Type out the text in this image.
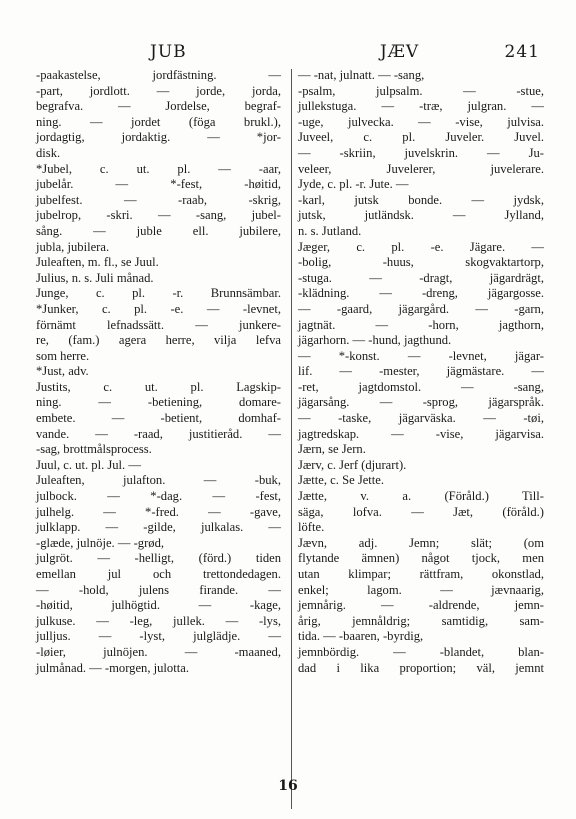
JUB	JÆV	241
-paakastelse, jordfästning. —
-part, jordlott. — jorde, jorda,
begrafva. — Jordelse, begraf-
ning. — jordet (föga brukl.),
jordagtig, jordaktig. — *jor-
disk.
*Jubel, c. ut. pl. — -aar,
jubelår. — *-fest, -høitid,
jubelfest. — -raab, -skrig,
jubelrop, -skri. — -sang, jubel-
sång. — juble ell. jubilere,
jubla, jubilera.
Juleaften, m. fl., se Juul.
Julius, n. s. Juli månad.
Junge, c. pl. -r. Brunnsämbar.
*Junker, c. pl. -e. — -levnet,
förnämt lefnadssätt. — junkere-
re, (fam.) agera herre, vilja lefva
som herre.
*Just, adv.
Justits, c. ut. pl. Lagskip-
ning. — -betiening, domare-
embete. — -betient, domhaf-
vande. — -raad, justitieråd. —
-sag, brottmålsprocess.
Juul, c. ut. pl. Jul. —
Juleaften, julafton. — -buk,
julbock. — *-dag. — -fest,
julhelg. — *-fred. — -gave,
julklapp. — -gilde, julkalas. —
-glæde, julnöje. — -grød,
julgröt. — -helligt, (förd.) tiden
emellan jul och trettondedagen.
— -hold, julens firande. —
-høitid, julhögtid. — -kage,
julkuse. — -leg, jullek. — -lys,
julljus. — -lyst, julglädje. —
-løier, julnöjen. — -maaned,
julmånad. — -morgen, julotta.
— -nat, julnatt. — -sang,
-psalm, julpsalm. — -stue,
jullekstuga. — -træ, julgran. —
-uge, julvecka. — -vise, julvisa.
Juveel, c. pl. Juveler. Juvel.
— -skriin, juvelskrin. — Ju-
veleer, Juvelerer, juvelerare.
Jyde, c. pl. -r. Jute. —
-karl, jutsk bonde. — jydsk,
jutsk, jutländsk. — Jylland,
n. s. Jutland.
Jæger, c. pl. -e. Jägare. —
-bolig, -huus, skogvaktartorp,
-stuga. — -dragt, jägardrägt,
-klädning. — -dreng, jägargosse.
— -gaard, jägargård. — -garn,
jagtnät. — -horn, jagthorn,
jägarhorn. — -hund, jagthund.
— *-konst. — -levnet, jägar-
lif. — -mester, jägmästare. —
-ret, jagtdomstol. — -sang,
jägarsång. — -sprog, jägarspråk.
— -taske, jägarväska. — -tøi,
jagtredskap. — -vise, jägarvisa.
Jærn, se Jern.
Jærv, c. Jerf (djurart).
Jætte, c. Se Jette.
Jætte, v. a. (Föråld.) Till-
säga, lofva. — Jæt, (föråld.)
löfte.
Jævn, adj. Jemn; slät; (om
flytande ämnen) något tjock, men
utan klimpar; rättfram, okonstlad,
enkel; lagom. — jævnaarig,
jemnårig. — -aldrende, jemn-
årig, jemnåldrig; samtidig, sam-
tida. — -baaren, -byrdig,
jemnbördig. — -blandet, blan-
dad i lika proportion; väl, jemnt
16
